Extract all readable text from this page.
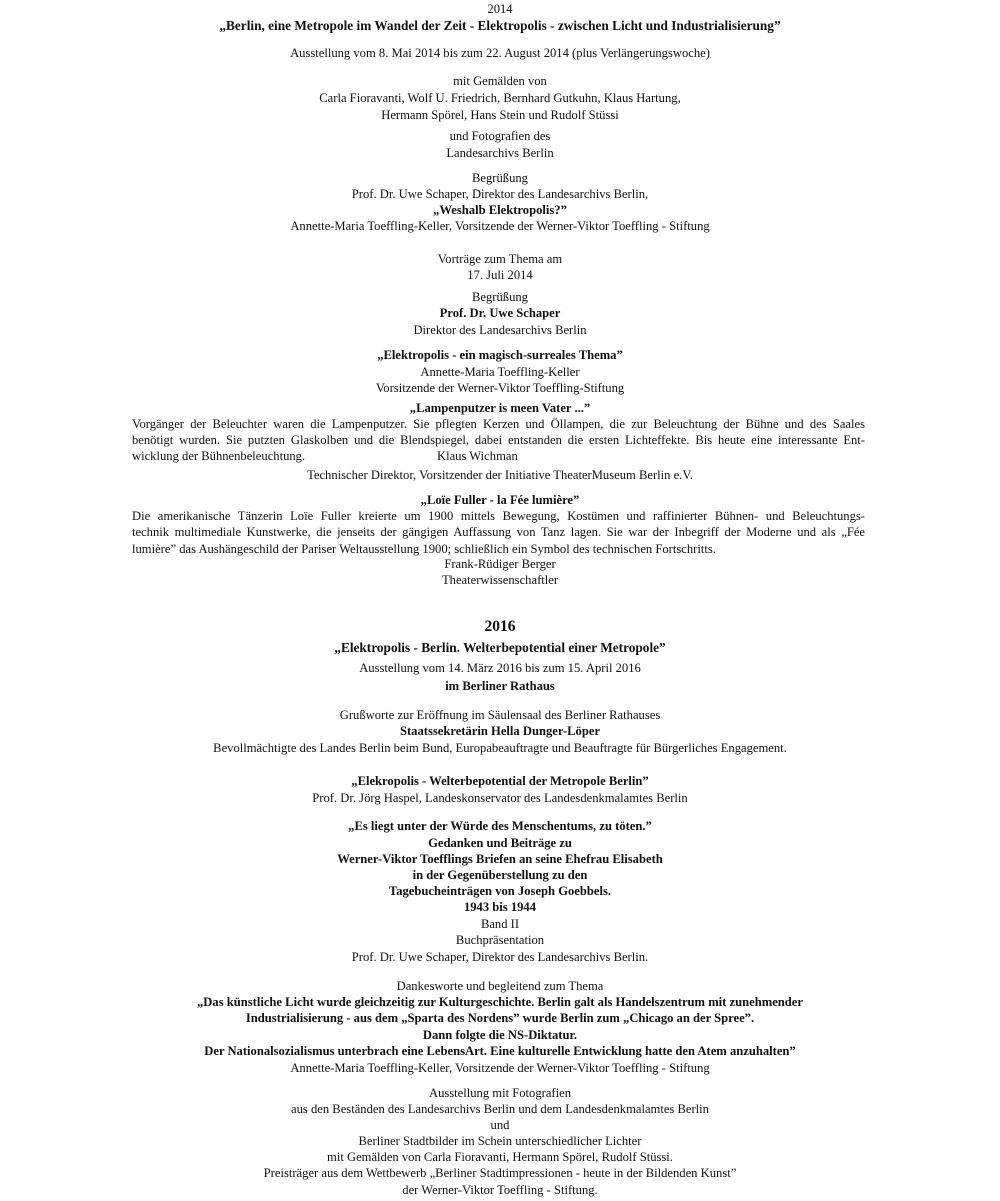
2014
„Berlin, eine Metropole im Wandel der Zeit - Elektropolis - zwischen Licht und Industrialisierung”
Ausstellung vom 8. Mai 2014 bis zum 22. August 2014 (plus Verlängerungswoche)
mit Gemälden von
Carla Fioravanti, Wolf U. Friedrich, Bernhard Gutkuhn, Klaus Hartung,
Hermann Spörel, Hans Stein und Rudolf Stüssi
und Fotografien des
Landesarchivs Berlin
Begrüßung
Prof. Dr. Uwe Schaper, Direktor des Landesarchivs Berlin,
„Weshalb Elektropolis?”
Annette-Maria Toeffling-Keller, Vorsitzende der Werner-Viktor Toeffling - Stiftung
Vorträge zum Thema am
17. Juli 2014
Begrüßung
Prof. Dr. Uwe Schaper
Direktor des Landesarchivs Berlin
„Elektropolis - ein magisch-surreales Thema”
Annette-Maria Toeffling-Keller
Vorsitzende der Werner-Viktor Toeffling-Stiftung
„Lampenputzer is meen Vater ...”
Vorgänger der Beleuchter waren die Lampenputzer. Sie pflegten Kerzen und Öllampen, die zur Beleuchtung der Bühne und des Saales
benötigt wurden. Sie putzten Glaskolben und die Blendspiegel, dabei entstanden die ersten Lichteffekte. Bis heute eine interessante Ent-
wicklung der Bühnenbeleuchtung.	Klaus Wichman
Technischer Direktor, Vorsitzender der Initiative TheaterMuseum Berlin e.V.
„Loïe Fuller - la Fée lumière”
Die amerikanische Tänzerin Loïe Fuller kreierte um 1900 mittels Bewegung, Kostümen und raffinierter Bühnen- und Beleuchtungs-
technik multimediale Kunstwerke, die jenseits der gängigen Auffassung von Tanz lagen. Sie war der Inbegriff der Moderne und als „Fée
lumière” das Aushängeschild der Pariser Weltausstellung 1900; schließlich ein Symbol des technischen Fortschritts.
Frank-Rüdiger Berger
Theaterwissenschaftler
2016
„Elektropolis - Berlin. Welterbepotential einer Metropole”
Ausstellung vom 14. März 2016 bis zum 15. April 2016
im Berliner Rathaus
Grußworte zur Eröffnung im Säulensaal des Berliner Rathauses
Staatssekretärin Hella Dunger-Löper
Bevollmächtigte des Landes Berlin beim Bund, Europabeauftragte und Beauftragte für Bürgerliches Engagement.
„Elekropolis - Welterbepotential der Metropole Berlin”
Prof. Dr. Jörg Haspel, Landeskonservator des Landesdenkmalamtes Berlin
„Es liegt unter der Würde des Menschentums, zu töten.”
Gedanken und Beiträge zu
Werner-Viktor Toefflings Briefen an seine Ehefrau Elisabeth
in der Gegenüberstellung zu den
Tagebucheinträgen von Joseph Goebbels.
1943 bis 1944
Band II
Buchpräsentation
Prof. Dr. Uwe Schaper, Direktor des Landesarchivs Berlin.
Dankesworte und begleitend zum Thema
„Das künstliche Licht wurde gleichzeitig zur Kulturgeschichte. Berlin galt als Handelszentrum mit zunehmender
Industrialisierung - aus dem „Sparta des Nordens” wurde Berlin zum „Chicago an der Spree”.
Dann folgte die NS-Diktatur.
Der Nationalsozialismus unterbrach eine LebensArt. Eine kulturelle Entwicklung hatte den Atem anzuhalten”
Annette-Maria Toeffling-Keller, Vorsitzende der Werner-Viktor Toeffling - Stiftung
Ausstellung mit Fotografien
aus den Beständen des Landesarchivs Berlin und dem Landesdenkmalamtes Berlin
und
Berliner Stadtbilder im Schein unterschiedlicher Lichter
mit Gemälden von Carla Fioravanti, Hermann Spörel, Rudolf Stüssi.
Preisträger aus dem Wettbewerb „Berliner Stadtimpressionen - heute in der Bildenden Kunst”
der Werner-Viktor Toeffling - Stiftung.
